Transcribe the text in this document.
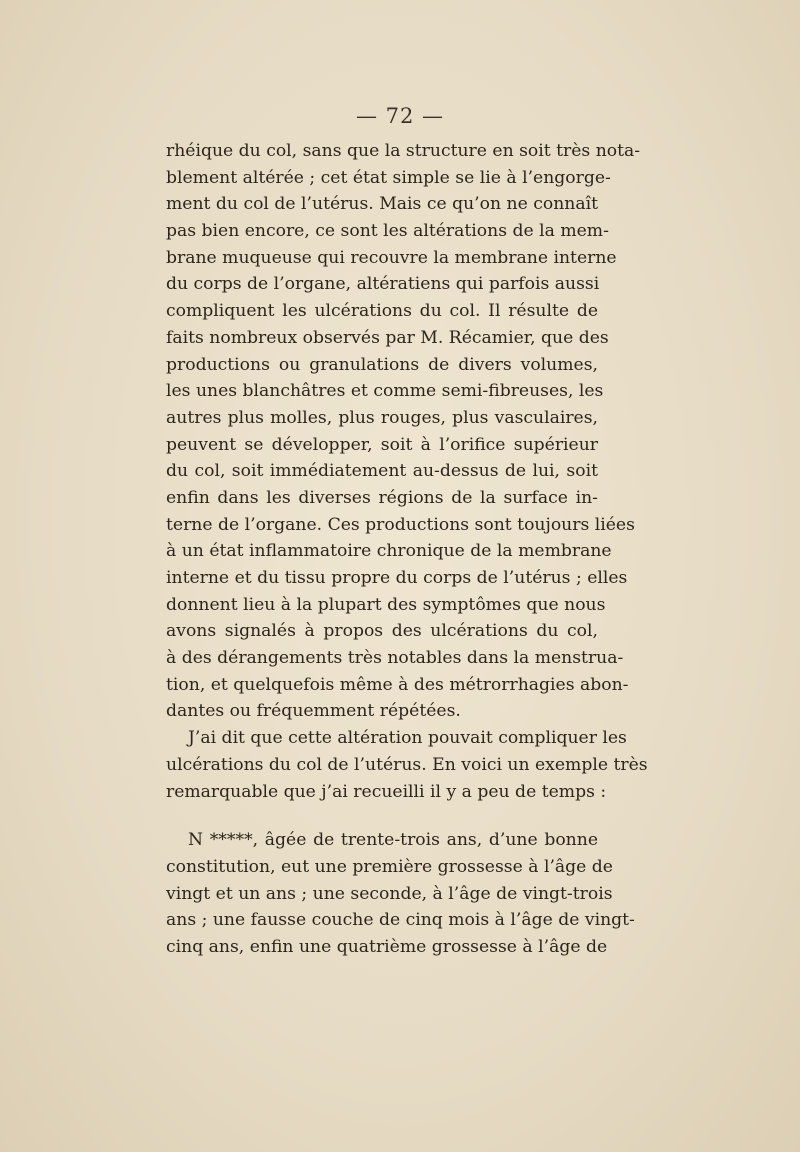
— 72 —
rhéique du col, sans que la structure en soit très nota-
blement altérée ; cet état simple se lie à l’engorge-
ment du col de l’utérus. Mais ce qu’on ne connaît
pas bien encore, ce sont les altérations de la mem-
brane muqueuse qui recouvre la membrane interne
du corps de l’organe, altératiens qui parfois aussi
compliquent les ulcérations du col. Il résulte de
faits nombreux observés par M. Récamier, que des
productions ou granulations de divers volumes,
les unes blanchâtres et comme semi-fibreuses, les
autres plus molles, plus rouges, plus vasculaires,
peuvent se développer, soit à l’orifice supérieur
du col, soit immédiatement au-dessus de lui, soit
enfin dans les diverses régions de la surface in-
terne de l’organe. Ces productions sont toujours liées
à un état inflammatoire chronique de la membrane
interne et du tissu propre du corps de l’utérus ; elles
donnent lieu à la plupart des symptômes que nous
avons signalés à propos des ulcérations du col,
à des dérangements très notables dans la menstrua-
tion, et quelquefois même à des métrorrhagies abon-
dantes ou fréquemment répétées.
J’ai dit que cette altération pouvait compliquer les
ulcérations du col de l’utérus. En voici un exemple très
remarquable que j’ai recueilli il y a peu de temps :
N *****, âgée de trente-trois ans, d’une bonne
constitution, eut une première grossesse à l’âge de
vingt et un ans ; une seconde, à l’âge de vingt-trois
ans ; une fausse couche de cinq mois à l’âge de vingt-
cinq ans, enfin une quatrième grossesse à l’âge de
